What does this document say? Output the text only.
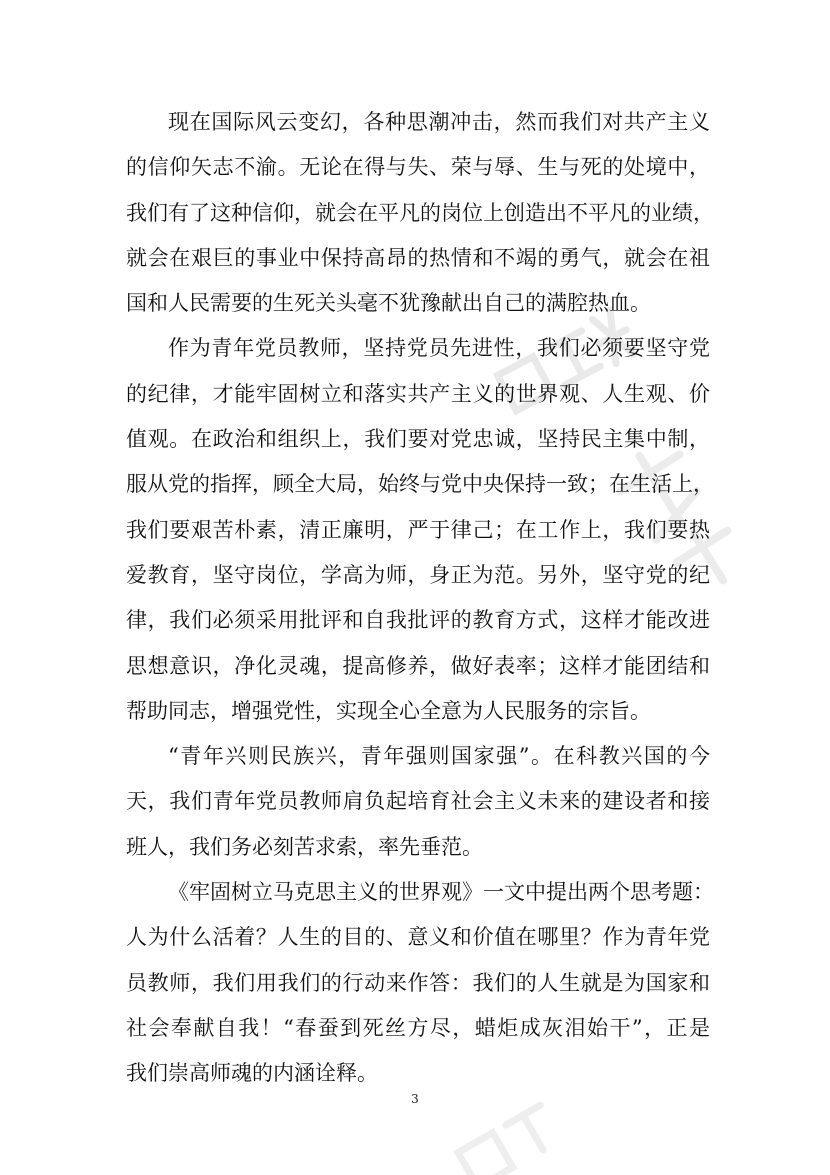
现在国际风云变幻，各种思潮冲击，然而我们对共产主义
的信仰矢志不渝。无论在得与失、荣与辱、生与死的处境中，
我们有了这种信仰，就会在平凡的岗位上创造出不平凡的业绩，
就会在艰巨的事业中保持高昂的热情和不竭的勇气，就会在祖
国和人民需要的生死关头毫不犹豫献出自己的满腔热血。
作为青年党员教师，坚持党员先进性，我们必须要坚守党
的纪律，才能牢固树立和落实共产主义的世界观、人生观、价
值观。在政治和组织上，我们要对党忠诚，坚持民主集中制，
服从党的指挥，顾全大局，始终与党中央保持一致；在生活上，
我们要艰苦朴素，清正廉明，严于律己；在工作上，我们要热
爱教育，坚守岗位，学高为师，身正为范。另外，坚守党的纪
律，我们必须采用批评和自我批评的教育方式，这样才能改进
思想意识，净化灵魂，提高修养，做好表率；这样才能团结和
帮助同志，增强党性，实现全心全意为人民服务的宗旨。
“青年兴则民族兴，青年强则国家强”。在科教兴国的今
天，我们青年党员教师肩负起培育社会主义未来的建设者和接
班人，我们务必刻苦求索，率先垂范。
《牢固树立马克思主义的世界观》一文中提出两个思考题：
人为什么活着？人生的目的、意义和价值在哪里？作为青年党
员教师，我们用我们的行动来作答：我们的人生就是为国家和
社会奉献自我！“春蚕到死丝方尽，蜡炬成灰泪始干”，正是
我们崇高师魂的内涵诠释。
3
